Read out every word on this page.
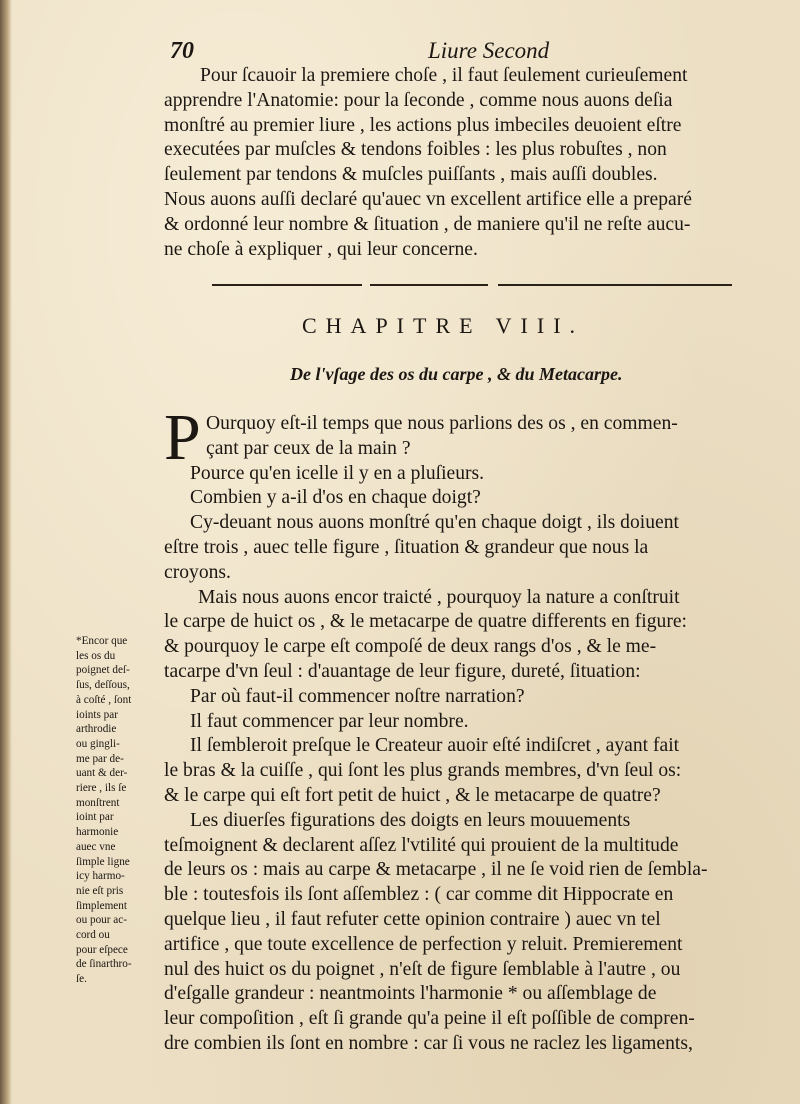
70	Liure Second
Pour ſcauoir la premiere choſe , il faut ſeulement curieuſement
apprendre l'Anatomie: pour la ſeconde , comme nous auons deſia
monſtré au premier liure , les actions plus imbeciles deuoient eſtre
executées par muſcles & tendons foibles : les plus robuſtes , non
ſeulement par tendons & muſcles puiſſants , mais auſſi doubles.
Nous auons auſſi declaré qu'auec vn excellent artifice elle a preparé
& ordonné leur nombre & ſituation , de maniere qu'il ne reſte aucu-
ne choſe à expliquer , qui leur concerne.
CHAPITRE VIII.
De l'vſage des os du carpe , & du Metacarpe.
P Ourquoy eſt-il temps que nous parlions des os , en commen-
çant par ceux de la main ?
Pource qu'en icelle il y en a pluſieurs.
Combien y a-il d'os en chaque doigt?
Cy-deuant nous auons monſtré qu'en chaque doigt , ils doiuent
eſtre trois , auec telle figure , ſituation & grandeur que nous la
croyons.
Mais nous auons encor traicté , pourquoy la nature a conſtruit
le carpe de huict os , & le metacarpe de quatre differents en figure:
& pourquoy le carpe eſt compoſé de deux rangs d'os , & le me-
tacarpe d'vn ſeul : d'auantage de leur figure, dureté, ſituation:
Par où faut-il commencer noſtre narration?
Il faut commencer par leur nombre.
Il ſembleroit preſque le Createur auoir eſté indiſcret , ayant fait
le bras & la cuiſſe , qui ſont les plus grands membres, d'vn ſeul os:
& le carpe qui eſt fort petit de huict , & le metacarpe de quatre?
Les diuerſes figurations des doigts en leurs mouuements
teſmoignent & declarent aſſez l'vtilité qui prouient de la multitude
de leurs os : mais au carpe & metacarpe , il ne ſe void rien de ſembla-
ble : toutesfois ils ſont aſſemblez : ( car comme dit Hippocrate en
quelque lieu , il faut refuter cette opinion contraire ) auec vn tel
artifice , que toute excellence de perfection y reluit. Premierement
nul des huict os du poignet , n'eſt de figure ſemblable à l'autre , ou
d'eſgalle grandeur : neantmoints l'harmonie * ou aſſemblage de
leur compoſition , eſt ſi grande qu'a peine il eſt poſſible de compren-
dre combien ils ſont en nombre : car ſi vous ne raclez les ligaments,
*Encor que
les os du
poignet deſ-
ſus, deſſous,
à coſté , ſont
ioints par
arthrodie
ou gingli-
me par de-
uant & der-
riere , ils ſe
monſtrent
ioint par
harmonie
auec vne
ſimple ligne
icy harmo-
nie eſt pris
ſimplement
ou pour ac-
cord ou
pour eſpece
de ſinarthro-
ſe.
